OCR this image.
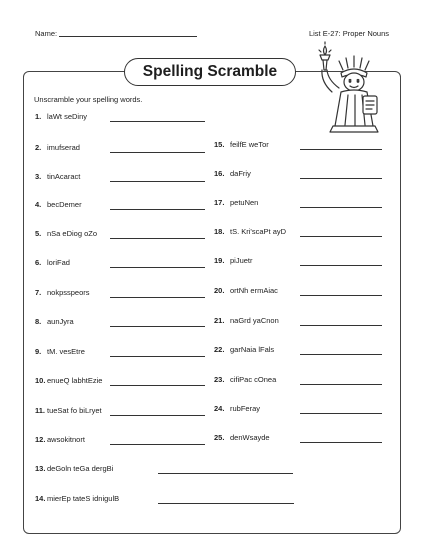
Name:	List E-27: Proper Nouns
Spelling Scramble
Unscramble your spelling words.
1. laWt seDiny
2. imufserad
3. tinAcaract
4. becDemer
5. nSa eDiog oZo
6. loriFad
7. nokpsspeors
8. aunJyra
9. tM. vesEtre
10. enueQ labhtEzie
11. tueSat fo biLryet
12. awsokitnort
13. deGoln teGa dergBi
14. mierEp tateS idnigulB
15. feilfE weTor
16. daFriy
17. petuNen
18. tS. Kri'scaPt ayD
19. piJuetr
20. ortNh ermAiac
21. naGrd yaCnon
22. garNaia lFals
23. cifiPac cOnea
24. rubFeray
25. denWsayde
